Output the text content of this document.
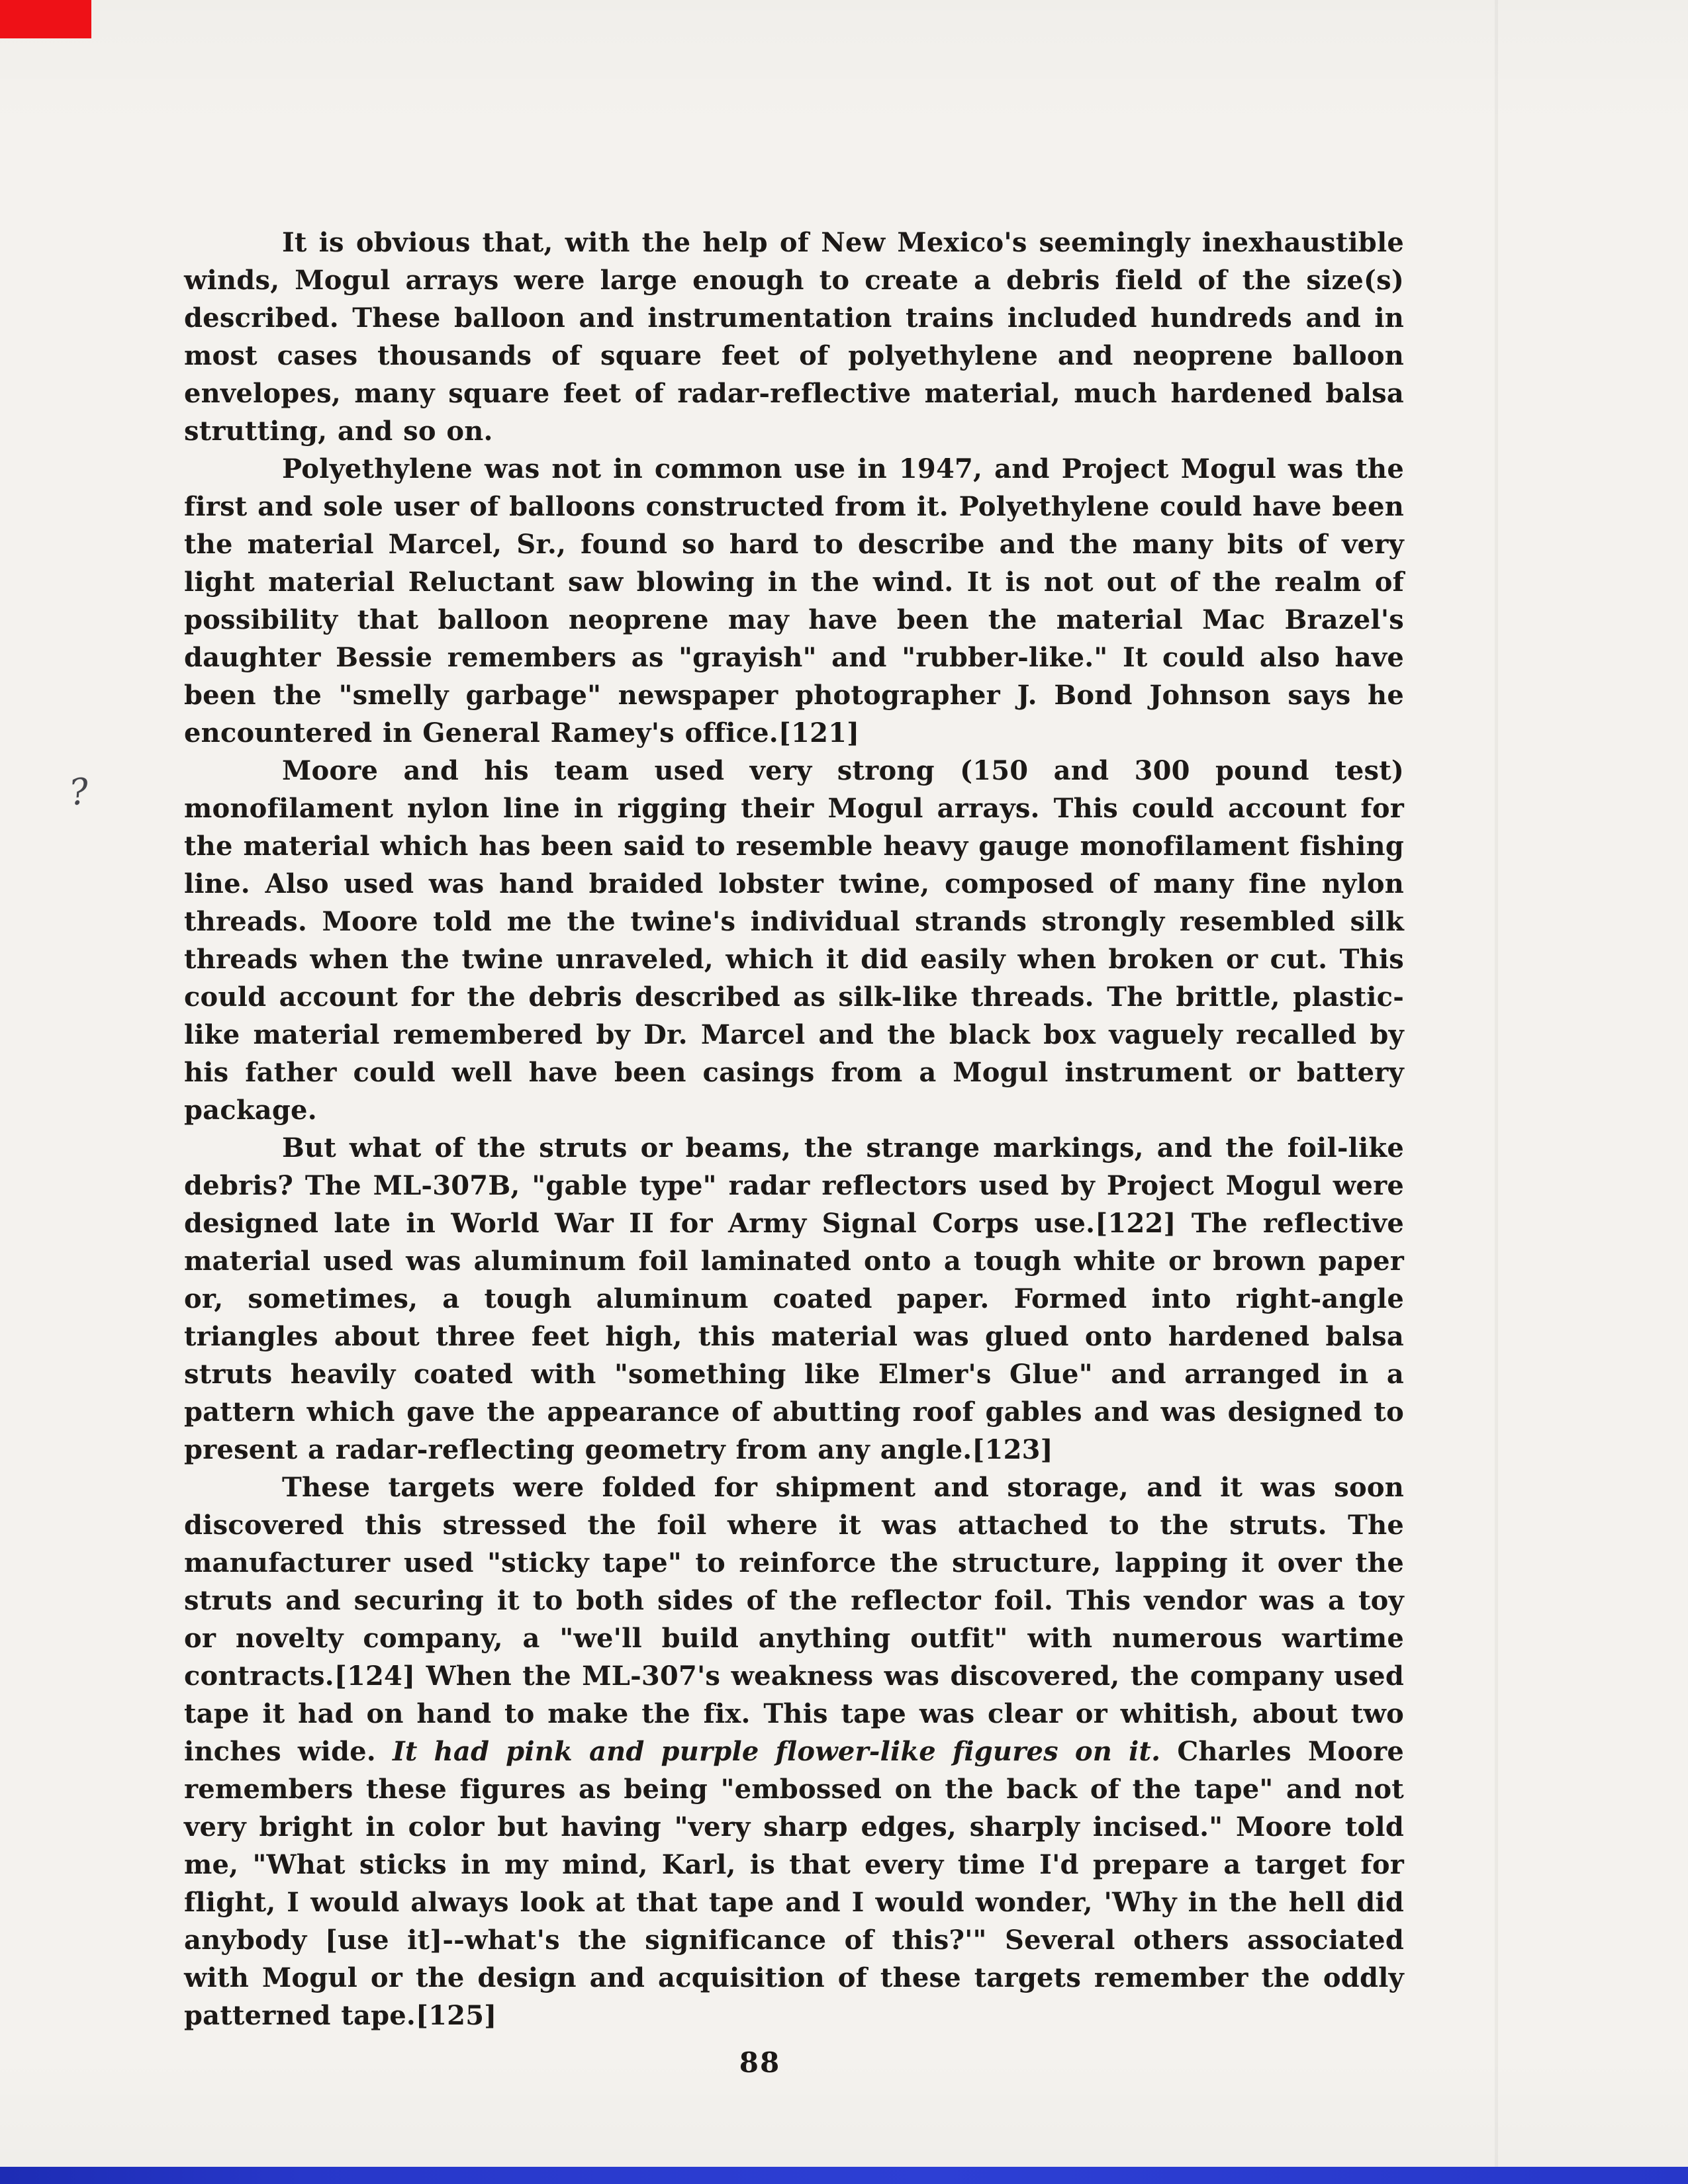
?

It is obvious that, with the help of New Mexico's seemingly inexhaustible winds, Mogul arrays were large enough to create a debris field of the size(s) described. These balloon and instrumentation trains included hundreds and in most cases thousands of square feet of polyethylene and neoprene balloon envelopes, many square feet of radar-reflective material, much hardened balsa strutting, and so on.

Polyethylene was not in common use in 1947, and Project Mogul was the first and sole user of balloons constructed from it. Polyethylene could have been the material Marcel, Sr., found so hard to describe and the many bits of very light material Reluctant saw blowing in the wind. It is not out of the realm of possibility that balloon neoprene may have been the material Mac Brazel's daughter Bessie remembers as "grayish" and "rubber-like." It could also have been the "smelly garbage" newspaper photographer J. Bond Johnson says he encountered in General Ramey's office.[121]

Moore and his team used very strong (150 and 300 pound test) monofilament nylon line in rigging their Mogul arrays. This could account for the material which has been said to resemble heavy gauge monofilament fishing line. Also used was hand braided lobster twine, composed of many fine nylon threads. Moore told me the twine's individual strands strongly resembled silk threads when the twine unraveled, which it did easily when broken or cut. This could account for the debris described as silk-like threads. The brittle, plastic-like material remembered by Dr. Marcel and the black box vaguely recalled by his father could well have been casings from a Mogul instrument or battery package.

But what of the struts or beams, the strange markings, and the foil-like debris? The ML-307B, "gable type" radar reflectors used by Project Mogul were designed late in World War II for Army Signal Corps use.[122] The reflective material used was aluminum foil laminated onto a tough white or brown paper or, sometimes, a tough aluminum coated paper. Formed into right-angle triangles about three feet high, this material was glued onto hardened balsa struts heavily coated with "something like Elmer's Glue" and arranged in a pattern which gave the appearance of abutting roof gables and was designed to present a radar-reflecting geometry from any angle.[123]

These targets were folded for shipment and storage, and it was soon discovered this stressed the foil where it was attached to the struts. The manufacturer used "sticky tape" to reinforce the structure, lapping it over the struts and securing it to both sides of the reflector foil. This vendor was a toy or novelty company, a "we'll build anything outfit" with numerous wartime contracts.[124] When the ML-307's weakness was discovered, the company used tape it had on hand to make the fix. This tape was clear or whitish, about two inches wide. It had pink and purple flower-like figures on it. Charles Moore remembers these figures as being "embossed on the back of the tape" and not very bright in color but having "very sharp edges, sharply incised." Moore told me, "What sticks in my mind, Karl, is that every time I'd prepare a target for flight, I would always look at that tape and I would wonder, 'Why in the hell did anybody [use it]--what's the significance of this?'" Several others associated with Mogul or the design and acquisition of these targets remember the oddly patterned tape.[125]

88
